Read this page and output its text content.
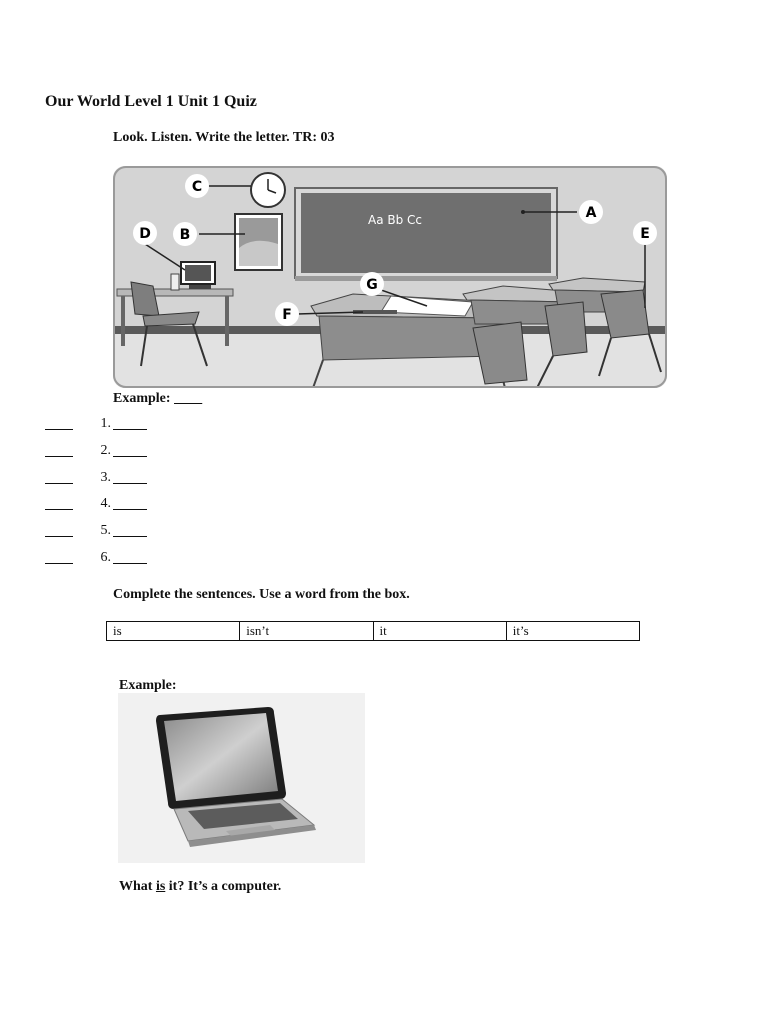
Our World Level 1 Unit 1 Quiz
Look. Listen. Write the letter. TR: 03
Aa Bb Cc	A
B
C
D	E
F
G
Example: ____
1.
2.
3.
4.
5.
6.
Complete the sentences. Use a word from the box.
is	isn’t	it	it’s
Example:
What is it? It’s a computer.
